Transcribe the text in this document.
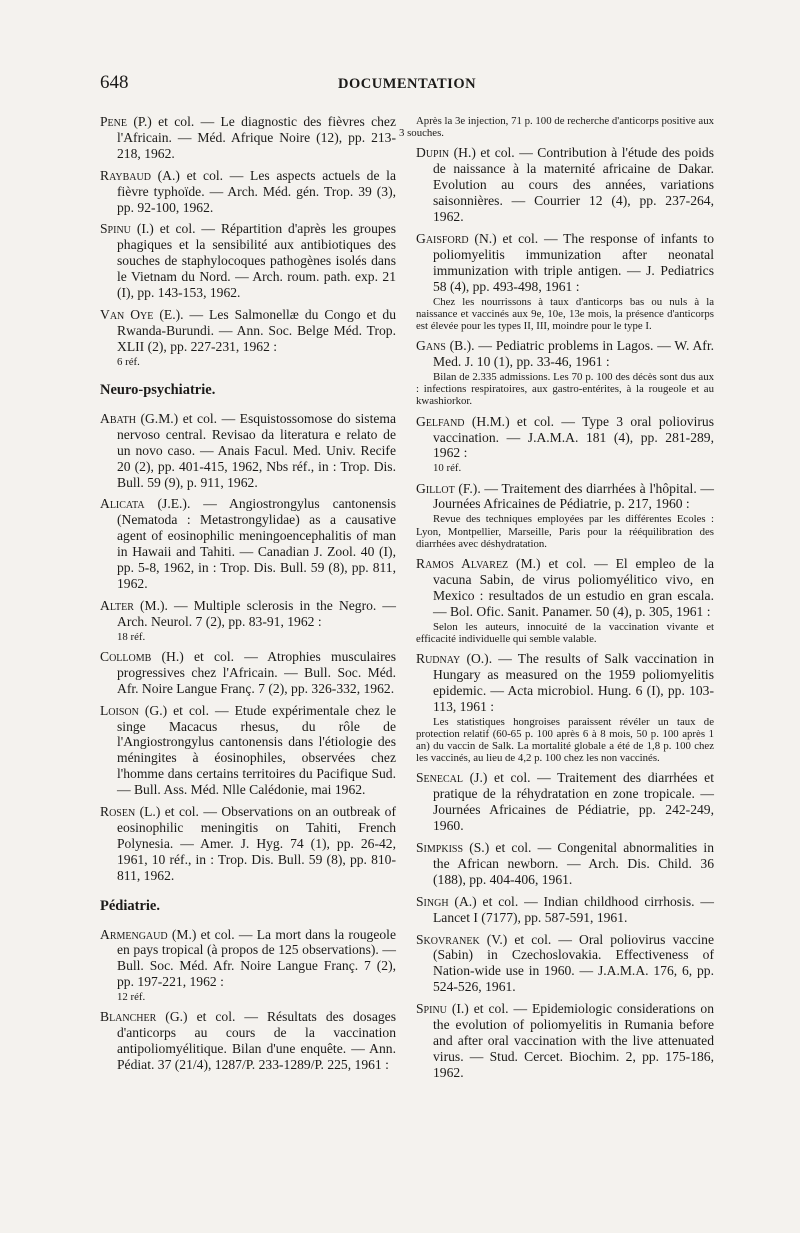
648	DOCUMENTATION
Pene (P.) et col. — Le diagnostic des fièvres chez l'Africain. — Méd. Afrique Noire (12), pp. 213-218, 1962.
Raybaud (A.) et col. — Les aspects actuels de la fièvre typhoïde. — Arch. Méd. gén. Trop. 39 (3), pp. 92-100, 1962.
Spinu (I.) et col. — Répartition d'après les groupes phagiques et la sensibilité aux antibiotiques des souches de staphylocoques pathogènes isolés dans le Vietnam du Nord. — Arch. roum. path. exp. 21 (I), pp. 143-153, 1962.
Van Oye (E.). — Les Salmonellæ du Congo et du Rwanda-Burundi. — Ann. Soc. Belge Méd. Trop. XLII (2), pp. 227-231, 1962 :
6 réf.
Neuro-psychiatrie.
Abath (G.M.) et col. — Esquistossomose do sistema nervoso central. Revisao da literatura e relato de un novo caso. — Anais Facul. Med. Univ. Recife 20 (2), pp. 401-415, 1962, Nbs réf., in : Trop. Dis. Bull. 59 (9), p. 911, 1962.
Alicata (J.E.). — Angiostrongylus cantonensis (Nematoda : Metastrongylidae) as a causative agent of eosinophilic meningoencephalitis of man in Hawaii and Tahiti. — Canadian J. Zool. 40 (I), pp. 5-8, 1962, in : Trop. Dis. Bull. 59 (8), pp. 811, 1962.
Alter (M.). — Multiple sclerosis in the Negro. — Arch. Neurol. 7 (2), pp. 83-91, 1962 :
18 réf.
Collomb (H.) et col. — Atrophies musculaires progressives chez l'Africain. — Bull. Soc. Méd. Afr. Noire Langue Franç. 7 (2), pp. 326-332, 1962.
Loison (G.) et col. — Etude expérimentale chez le singe Macacus rhesus, du rôle de l'Angiostrongylus cantonensis dans l'étiologie des méningites à éosinophiles, observées chez l'homme dans certains territoires du Pacifique Sud. — Bull. Ass. Méd. Nlle Calédonie, mai 1962.
Rosen (L.) et col. — Observations on an outbreak of eosinophilic meningitis on Tahiti, French Polynesia. — Amer. J. Hyg. 74 (1), pp. 26-42, 1961, 10 réf., in : Trop. Dis. Bull. 59 (8), pp. 810-811, 1962.
Pédiatrie.
Armengaud (M.) et col. — La mort dans la rougeole en pays tropical (à propos de 125 observations). — Bull. Soc. Méd. Afr. Noire Langue Franç. 7 (2), pp. 197-221, 1962 :
12 réf.
Blancher (G.) et col. — Résultats des dosages d'anticorps au cours de la vaccination antipoliomyélitique. Bilan d'une enquête. — Ann. Pédiat. 37 (21/4), 1287/P. 233-1289/P. 225, 1961 :
Après la 3e injection, 71 p. 100 de recherche d'anticorps positive aux 3 souches.
Dupin (H.) et col. — Contribution à l'étude des poids de naissance à la maternité africaine de Dakar. Evolution au cours des années, variations saisonnières. — Courrier 12 (4), pp. 237-264, 1962.
Gaisford (N.) et col. — The response of infants to poliomyelitis immunization after neonatal immunization with triple antigen. — J. Pediatrics 58 (4), pp. 493-498, 1961 :
Chez les nourrissons à taux d'anticorps bas ou nuls à la naissance et vaccinés aux 9e, 10e, 13e mois, la présence d'anticorps est élevée pour les types II, III, moindre pour le type I.
Gans (B.). — Pediatric problems in Lagos. — W. Afr. Med. J. 10 (1), pp. 33-46, 1961 :
Bilan de 2.335 admissions. Les 70 p. 100 des décès sont dus aux : infections respiratoires, aux gastro-entérites, à la rougeole et au kwashiorkor.
Gelfand (H.M.) et col. — Type 3 oral poliovirus vaccination. — J.A.M.A. 181 (4), pp. 281-289, 1962 :
10 réf.
Gillot (F.). — Traitement des diarrhées à l'hôpital. — Journées Africaines de Pédiatrie, p. 217, 1960 :
Revue des techniques employées par les différentes Ecoles : Lyon, Montpellier, Marseille, Paris pour la rééquilibration des diarrhées avec déshydratation.
Ramos Alvarez (M.) et col. — El empleo de la vacuna Sabin, de virus poliomyélitico vivo, en Mexico : resultados de un estudio en gran escala. — Bol. Ofic. Sanit. Panamer. 50 (4), p. 305, 1961 :
Selon les auteurs, innocuité de la vaccination vivante et efficacité individuelle qui semble valable.
Rudnay (O.). — The results of Salk vaccination in Hungary as measured on the 1959 poliomyelitis epidemic. — Acta microbiol. Hung. 6 (I), pp. 103-113, 1961 :
Les statistiques hongroises paraissent révéler un taux de protection relatif (60-65 p. 100 après 6 à 8 mois, 50 p. 100 après 1 an) du vaccin de Salk. La mortalité globale a été de 1,8 p. 100 chez les vaccinés, au lieu de 4,2 p. 100 chez les non vaccinés.
Senecal (J.) et col. — Traitement des diarrhées et pratique de la réhydratation en zone tropicale. — Journées Africaines de Pédiatrie, pp. 242-249, 1960.
Simpkiss (S.) et col. — Congenital abnormalities in the African newborn. — Arch. Dis. Child. 36 (188), pp. 404-406, 1961.
Singh (A.) et col. — Indian childhood cirrhosis. — Lancet I (7177), pp. 587-591, 1961.
Skovranek (V.) et col. — Oral poliovirus vaccine (Sabin) in Czechoslovakia. Effectiveness of Nation-wide use in 1960. — J.A.M.A. 176, 6, pp. 524-526, 1961.
Spinu (I.) et col. — Epidemiologic considerations on the evolution of poliomyelitis in Rumania before and after oral vaccination with the live attenuated virus. — Stud. Cercet. Biochim. 2, pp. 175-186, 1962.
